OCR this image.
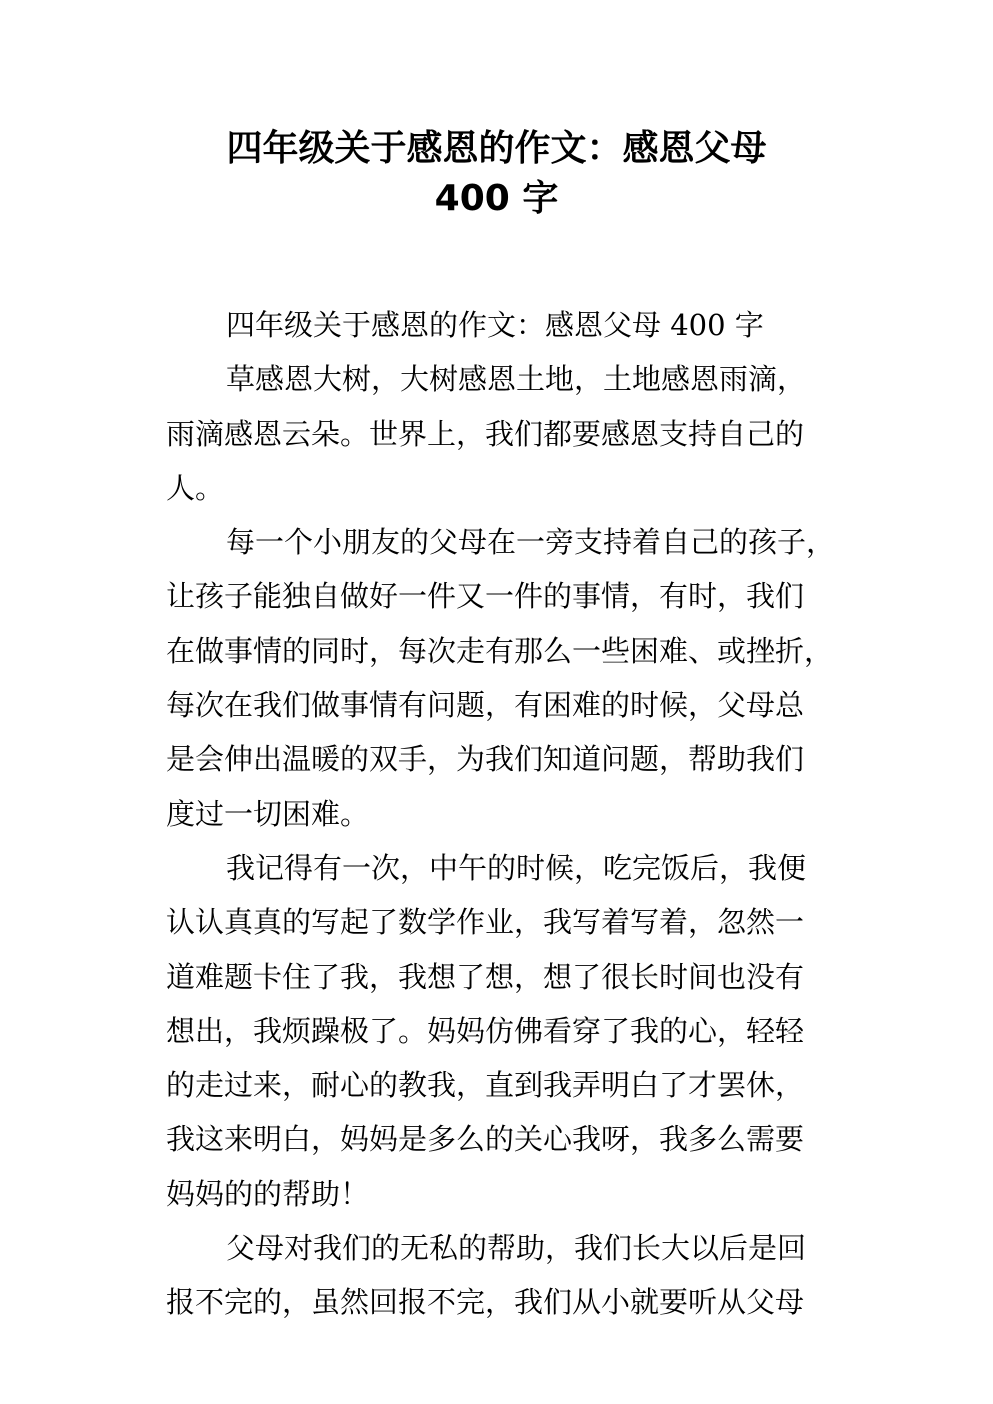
四年级关于感恩的作文：感恩父母
400 字
四年级关于感恩的作文：感恩父母 400 字
草感恩大树，大树感恩土地，土地感恩雨滴，
雨滴感恩云朵。世界上，我们都要感恩支持自己的
人。
每一个小朋友的父母在一旁支持着自己的孩子，
让孩子能独自做好一件又一件的事情，有时，我们
在做事情的同时，每次走有那么一些困难、或挫折，
每次在我们做事情有问题，有困难的时候，父母总
是会伸出温暖的双手，为我们知道问题，帮助我们
度过一切困难。
我记得有一次，中午的时候，吃完饭后，我便
认认真真的写起了数学作业，我写着写着，忽然一
道难题卡住了我，我想了想，想了很长时间也没有
想出，我烦躁极了。妈妈仿佛看穿了我的心，轻轻
的走过来，耐心的教我，直到我弄明白了才罢休，
我这来明白，妈妈是多么的关心我呀，我多么需要
妈妈的的帮助！
父母对我们的无私的帮助，我们长大以后是回
报不完的，虽然回报不完，我们从小就要听从父母
